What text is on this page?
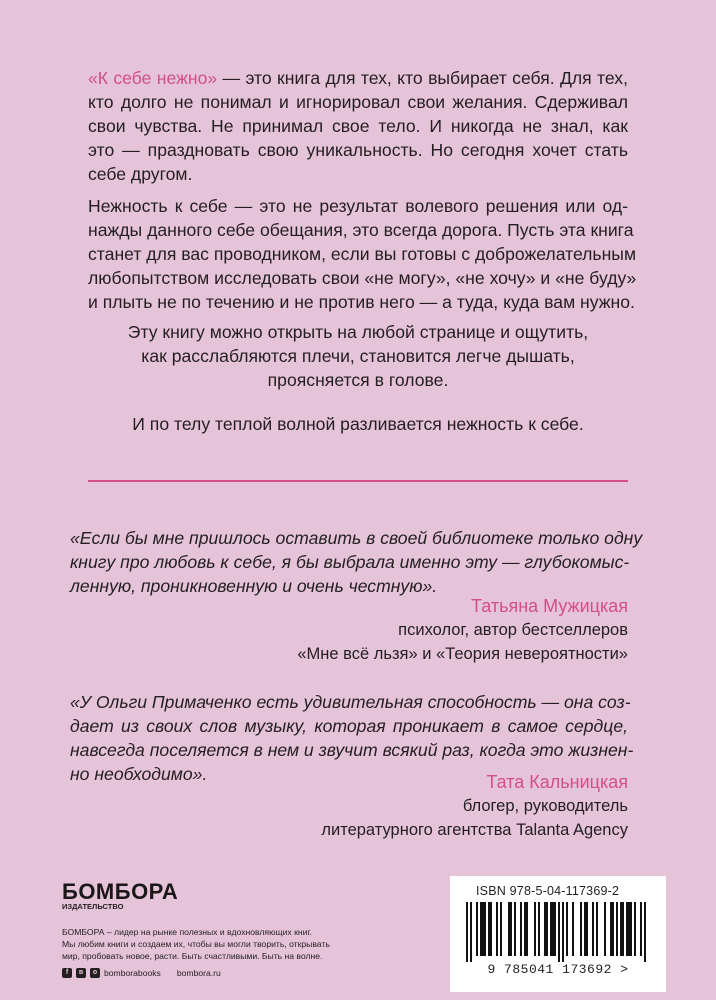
«К себе нежно» — это книга для тех, кто выбирает себя. Для тех,
кто долго не понимал и игнорировал свои желания. Сдерживал
свои чувства. Не принимал свое тело. И никогда не знал, как
это — праздновать свою уникальность. Но сегодня хочет стать
себе другом.
Нежность к себе — это не результат волевого решения или од-
нажды данного себе обещания, это всегда дорога. Пусть эта книга
станет для вас проводником, если вы готовы с доброжелательным
любопытством исследовать свои «не могу», «не хочу» и «не буду»
и плыть не по течению и не против него — а туда, куда вам нужно.
Эту книгу можно открыть на любой странице и ощутить,
как расслабляются плечи, становится легче дышать,
проясняется в голове.
И по телу теплой волной разливается нежность к себе.
«Если бы мне пришлось оставить в своей библиотеке только одну
книгу про любовь к себе, я бы выбрала именно эту — глубокомыс-
ленную, проникновенную и очень честную».
Татьяна Мужицкая
психолог, автор бестселлеров
«Мне всё льзя» и «Теория невероятности»
«У Ольги Примаченко есть удивительная способность — она соз-
дает из своих слов музыку, которая проникает в самое сердце,
навсегда поселяется в нем и звучит всякий раз, когда это жизнен-
но необходимо».	Тата Кальницкая
блогер, руководитель
литературного агентства Talanta Agency
БОМБОРА
ИЗДАТЕЛЬСТВО
БОМБОРА – лидер на рынке полезных и вдохновляющих книг.
Мы любим книги и создаем их, чтобы вы могли творить, открывать
мир, пробовать новое, расти. Быть счастливыми. Быть на волне.
f	в	о bomborabooks bombora.ru
ISBN 978-5-04-117369-2
9 785041 173692 >
